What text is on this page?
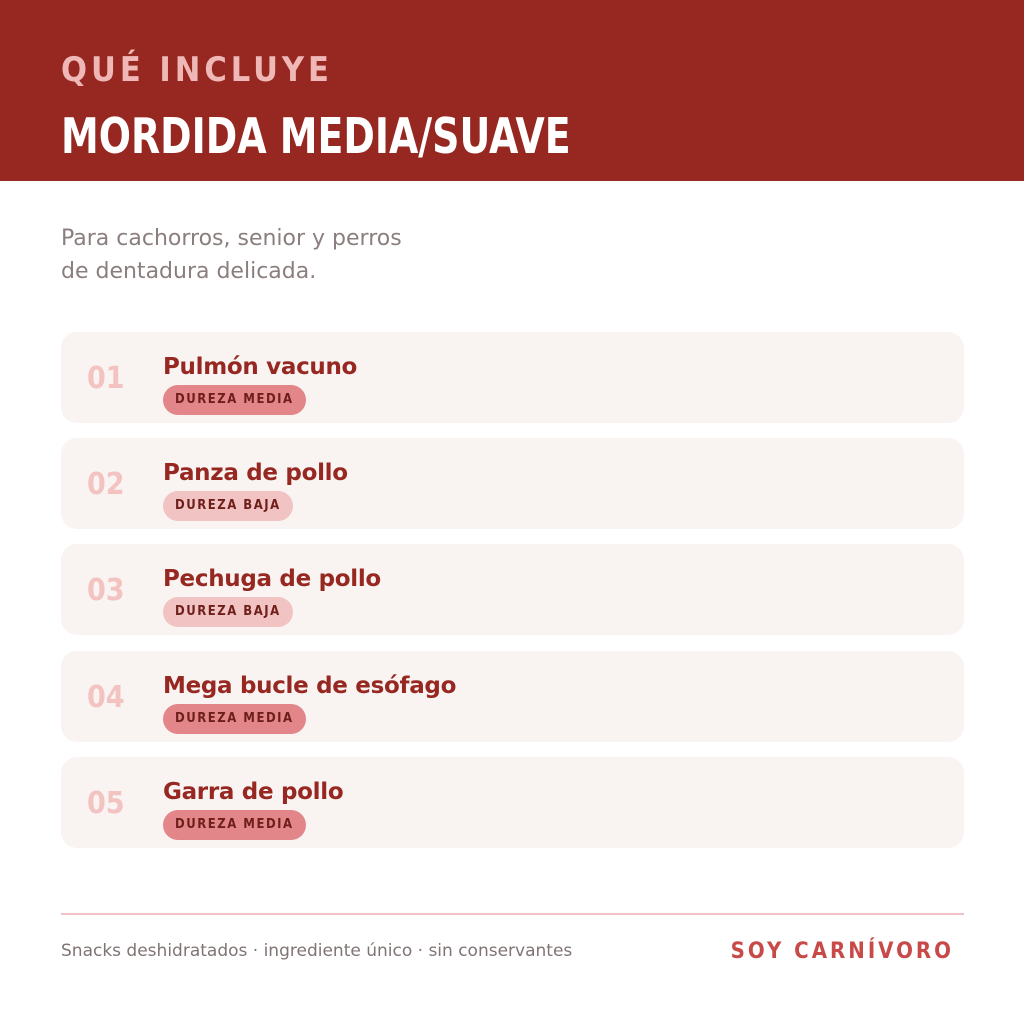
QUÉ INCLUYE
MORDIDA MEDIA/SUAVE
Para cachorros, senior y perros
de dentadura delicada.
01 Pulmón vacuno
DUREZA MEDIA
02 Panza de pollo
DUREZA BAJA
03 Pechuga de pollo
DUREZA BAJA
04 Mega bucle de esófago
DUREZA MEDIA
05 Garra de pollo
DUREZA MEDIA
Snacks deshidratados · ingrediente único · sin conservantes	SOY CARNÍVORO
